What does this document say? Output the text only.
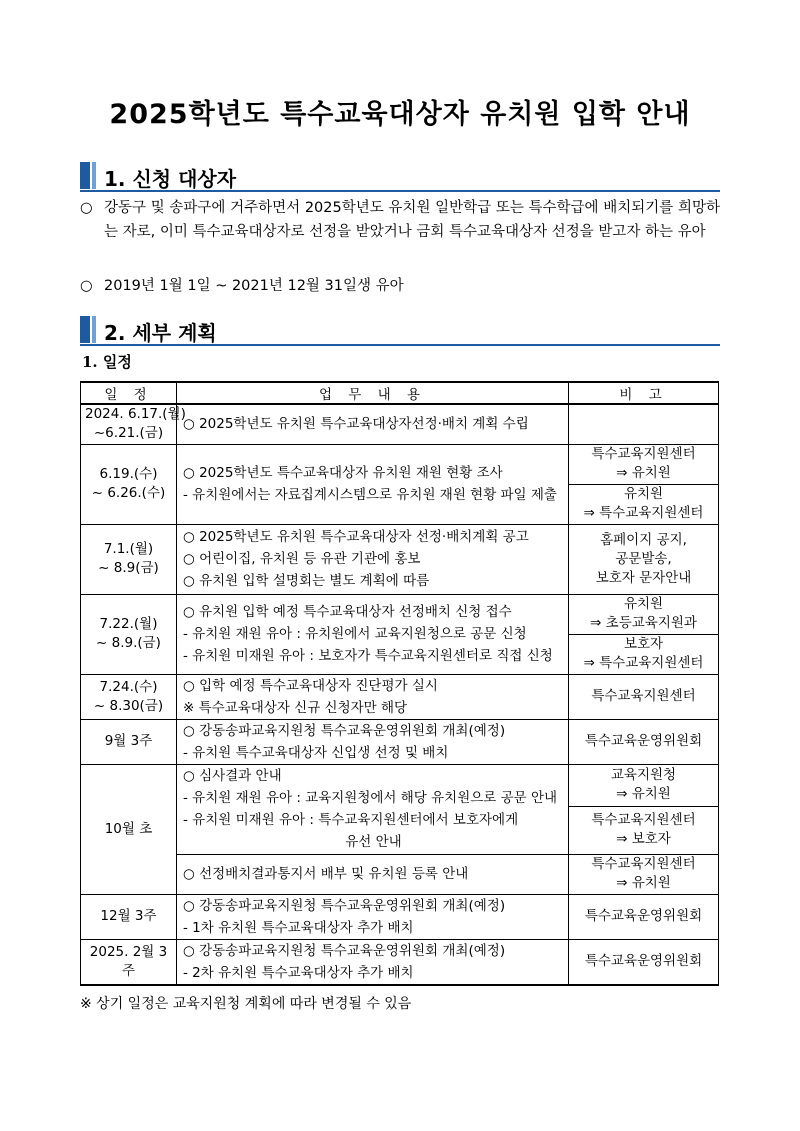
2025학년도 특수교육대상자 유치원 입학 안내
1. 신청 대상자
○ 강동구 및 송파구에 거주하면서 2025학년도 유치원 일반학급 또는 특수학급에 배치되기를 희망하는 자로, 이미 특수교육대상자로 선정을 받았거나 금회 특수교육대상자 선정을 받고자 하는 유아
○ 2019년 1월 1일 ~ 2021년 12월 31일생 유아
2. 세부 계획
1. 일정
일 정	업 무 내 용	비 고

2024. 6.17.(월)
~6.21.(금)	○ 2025학년도 유치원 특수교육대상자선정·배치 계획 수립	

6.19.(수)
~ 6.26.(수)	○ 2025학년도 특수교육대상자 유치원 재원 현황 조사
- 유치원에서는 자료집계시스템으로 유치원 재원 현황 파일 제출	특수교육지원센터
⇒ 유치원

		유치원
⇒ 특수교육지원센터

7.1.(월)
~ 8.9(금)	○ 2025학년도 유치원 특수교육대상자 선정·배치계획 공고
○ 어린이집, 유치원 등 유관 기관에 홍보
○ 유치원 입학 설명회는 별도 계획에 따름	홈페이지 공지,
공문발송,
보호자 문자안내

7.22.(월)
~ 8.9.(금)	○ 유치원 입학 예정 특수교육대상자 선정배치 신청 접수
- 유치원 재원 유아 : 유치원에서 교육지원청으로 공문 신청
- 유치원 미재원 유아 : 보호자가 특수교육지원센터로 직접 신청	유치원
⇒ 초등교육지원과

		보호자
⇒ 특수교육지원센터

7.24.(수)
~ 8.30(금)	○ 입학 예정 특수교육대상자 진단평가 실시
※ 특수교육대상자 신규 신청자만 해당	특수교육지원센터
9월 3주	○ 강동송파교육지원청 특수교육운영위원회 개최(예정)
- 유치원 특수교육대상자 신입생 선정 및 배치	특수교육운영위원회
10월 초	○ 심사결과 안내
- 유치원 재원 유아 : 교육지원청에서 해당 유치원으로 공문 안내
- 유치원 미재원 유아 : 특수교육지원센터에서 보호자에게
유선 안내	교육지원청
⇒ 유치원

		특수교육지원센터
⇒ 보호자

	○ 선정배치결과통지서 배부 및 유치원 등록 안내	특수교육지원센터
⇒ 유치원

12월 3주	○ 강동송파교육지원청 특수교육운영위원회 개최(예정)
- 1차 유치원 특수교육대상자 추가 배치	특수교육운영위원회
2025. 2월 3주	○ 강동송파교육지원청 특수교육운영위원회 개최(예정)
- 2차 유치원 특수교육대상자 추가 배치	특수교육운영위원회
※ 상기 일정은 교육지원청 계획에 따라 변경될 수 있음
